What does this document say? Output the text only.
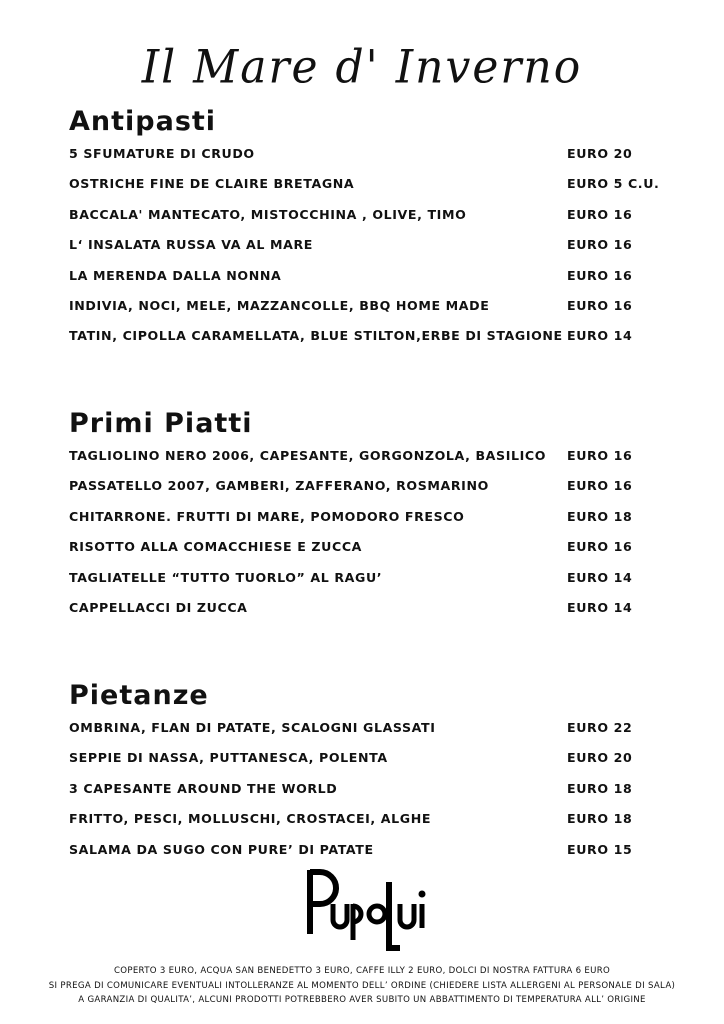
Il Mare d' Inverno
Antipasti
5 SFUMATURE DI CRUDO	EURO 20
OSTRICHE FINE DE CLAIRE BRETAGNA	EURO 5 C.U.
BACCALA' MANTECATO, MISTOCCHINA , OLIVE, TIMO	EURO 16
L‘ INSALATA RUSSA VA AL MARE	EURO 16
LA MERENDA DALLA NONNA	EURO 16
INDIVIA, NOCI, MELE, MAZZANCOLLE, BBQ HOME MADE	EURO 16
TATIN, CIPOLLA CARAMELLATA, BLUE STILTON,ERBE DI STAGIONE EURO 14
Primi Piatti
TAGLIOLINO NERO 2006, CAPESANTE, GORGONZOLA, BASILICO EURO 16
PASSATELLO 2007, GAMBERI, ZAFFERANO, ROSMARINO	EURO 16
CHITARRONE. FRUTTI DI MARE, POMODORO FRESCO	EURO 18
RISOTTO ALLA COMACCHIESE E ZUCCA	EURO 16
TAGLIATELLE “TUTTO TUORLO” AL RAGU’	EURO 14
CAPPELLACCI DI ZUCCA	EURO 14
Pietanze
OMBRINA, FLAN DI PATATE, SCALOGNI GLASSATI	EURO 22
SEPPIE DI NASSA, PUTTANESCA, POLENTA	EURO 20
3 CAPESANTE AROUND THE WORLD	EURO 18
FRITTO, PESCI, MOLLUSCHI, CROSTACEI, ALGHE	EURO 18
SALAMA DA SUGO CON PURE’ DI PATATE	EURO 15
COPERTO 3 EURO, ACQUA SAN BENEDETTO 3 EURO, CAFFE ILLY 2 EURO, DOLCI DI NOSTRA FATTURA 6 EURO
SI PREGA DI COMUNICARE EVENTUALI INTOLLERANZE AL MOMENTO DELL’ ORDINE (CHIEDERE LISTA ALLERGENI AL PERSONALE DI SALA)
A GARANZIA DI QUALITA’, ALCUNI PRODOTTI POTREBBERO AVER SUBITO UN ABBATTIMENTO DI TEMPERATURA ALL’ ORIGINE
